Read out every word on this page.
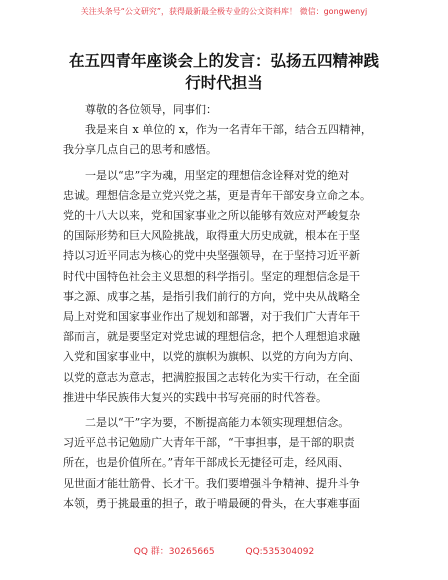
关注头条号“公文研究”，获得最新最全极专业的公文资料库！ 微信：gongwenyj
在五四青年座谈会上的发言：弘扬五四精神践
行时代担当

尊敬的各位领导，同事们：

我是来自 x 单位的 x，作为一名青年干部，结合五四精神，
我分享几点自己的思考和感悟。

一是以“忠”字为魂，用坚定的理想信念诠释对党的绝对
忠诚。理想信念是立党兴党之基，更是青年干部安身立命之本。
党的十八大以来，党和国家事业之所以能够有效应对严峻复杂
的国际形势和巨大风险挑战，取得重大历史成就，根本在于坚
持以习近平同志为核心的党中央坚强领导，在于坚持习近平新
时代中国特色社会主义思想的科学指引。坚定的理想信念是干
事之源、成事之基，是指引我们前行的方向，党中央从战略全
局上对党和国家事业作出了规划和部署，对于我们广大青年干
部而言，就是要坚定对党忠诚的理想信念，把个人理想追求融
入党和国家事业中，以党的旗帜为旗帜、以党的方向为方向、
以党的意志为意志，把满腔报国之志转化为实干行动，在全面
推进中华民族伟大复兴的实践中书写亮丽的时代答卷。

二是以“干”字为要，不断提高能力本领实现理想信念。
习近平总书记勉励广大青年干部，“干事担事，是干部的职责
所在，也是价值所在。”青年干部成长无捷径可走，经风雨、
见世面才能壮筋骨、长才干。我们要增强斗争精神、提升斗争
本领，勇于挑最重的担子，敢于啃最硬的骨头，在大事难事面

QQ 群：30265665	QQ:535304092
